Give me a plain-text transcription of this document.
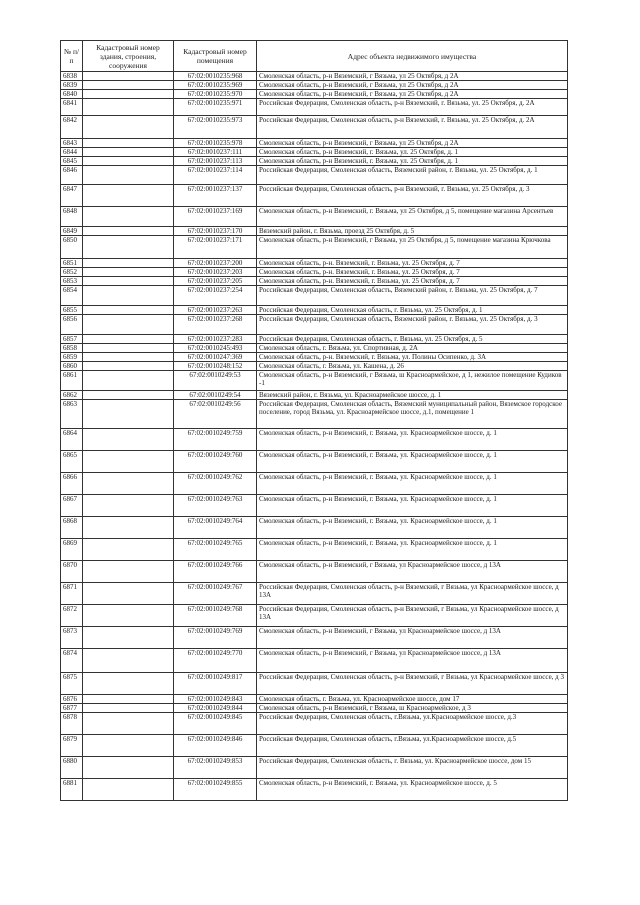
№ п/п	Кадастровый номер здания, строения, сооружения	Кадастровый номер помещения	Адрес объекта недвижимого имущества
6838		67:02:0010235:968	Смоленская область, р-н Вяземский, г Вязьма, ул 25 Октября, д 2А
6839		67:02:0010235:969	Смоленская область, р-н Вяземский, г Вязьма, ул 25 Октября, д 2А
6840		67:02:0010235:970	Смоленская область, р-н Вяземский, г Вязьма, ул 25 Октября, д 2А
6841		67:02:0010235:971	Российская Федерация, Смоленская область, р-н Вяземский, г. Вязьма, ул. 25 Октября, д. 2А
6842		67:02:0010235:973	Российская Федерация, Смоленская область, р-н Вяземский, г. Вязьма, ул. 25 Октября, д. 2А
6843		67:02:0010235:978	Смоленская область, р-н Вяземский, г Вязьма, ул 25 Октября, д 2А
6844		67:02:0010237:111	Смоленская область, р-н Вяземский, г. Вязьма, ул. 25 Октября, д. 1
6845		67:02:0010237:113	Смоленская область, р-н Вяземский, г. Вязьма, ул. 25 Октября, д. 1
6846		67:02:0010237:114	Российская Федерация, Смоленская область, Вяземский район, г. Вязьма, ул. 25 Октября, д. 1
6847		67:02:0010237:137	Российская Федерация, Смоленская область, р-н Вяземский, г. Вязьма, ул. 25 Октября, д. 3
6848		67:02:0010237:169	Смоленская область, р-н Вяземский, г. Вязьма, ул 25 Октября, д 5, помещение магазина Арсентьев
6849		67:02:0010237:170	Вяземский район, г. Вязьма, проезд 25 Октября, д. 5
6850		67:02:0010237:171	Смоленская область, р-н Вяземский, г Вязьма, ул 25 Октября, д 5, помещение магазина Крючкова
6851		67:02:0010237:200	Смоленская область, р-н. Вяземский, г. Вязьма, ул. 25 Октября, д. 7
6852		67:02:0010237:203	Смоленская область, р-н. Вяземский, г. Вязьма, ул. 25 Октября, д. 7
6853		67:02:0010237:205	Смоленская область, р-н. Вяземский, г. Вязьма, ул. 25 Октября, д. 7
6854		67:02:0010237:254	Российская Федерация, Смоленская область, Вяземский район, г. Вязьма, ул. 25 Октября, д. 7
6855		67:02:0010237:263	Российская Федерация, Смоленская область, г. Вязьма, ул. 25 Октября, д. 1
6856		67:02:0010237:268	Российская Федерация, Смоленская область, Вяземский район, г. Вязьма, ул. 25 Октября, д. 3
6857		67:02:0010237:283	Российская Федерация, Смоленская область, г. Вязьма, ул. 25 Октября, д. 5
6858		67:02:0010245:493	Смоленская область, г. Вязьма, ул. Спортивная, д. 2А
6859		67:02:0010247:369	Смоленская область, р-н. Вяземский, г. Вязьма, ул. Полины Осипенко, д. 3А
6860		67:02:0010248:152	Смоленская область, г. Вязьма, ул. Кашена, д. 26
6861		67:02:0010249:53	Смоленская область, р-н Вяземский, г Вязьма, ш Красноармейское, д 1, нежилое помещение Кудиков -1
6862		67:02:0010249:54	Вяземский район, г. Вязьма, ул. Красноармейское шоссе, д. 1
6863		67:02:0010249:56	Российская Федерация, Смоленская область, Вяземский муниципальный район, Вяземское городское поселение, город Вязьма, ул. Красноармейское шоссе, д.1, помещение 1
6864		67:02:0010249:759	Смоленская область, р-н Вяземский, г. Вязьма, ул. Красноармейское шоссе, д. 1
6865		67:02:0010249:760	Смоленская область, р-н Вяземский, г. Вязьма, ул. Красноармейское шоссе, д. 1
6866		67:02:0010249:762	Смоленская область, р-н Вяземский, г. Вязьма, ул. Красноармейское шоссе, д. 1
6867		67:02:0010249:763	Смоленская область, р-н Вяземский, г. Вязьма, ул. Красноармейское шоссе, д. 1
6868		67:02:0010249:764	Смоленская область, р-н Вяземский, г. Вязьма, ул. Красноармейское шоссе, д. 1
6869		67:02:0010249:765	Смоленская область, р-н Вяземский, г. Вязьма, ул. Красноармейское шоссе, д. 1
6870		67:02:0010249:766	Смоленская область, р-н Вяземский, г Вязьма, ул Красноармейское шоссе, д 13А
6871		67:02:0010249:767	Российская Федерация, Смоленская область, р-н Вяземский, г Вязьма, ул Красноармейское шоссе, д 13А
6872		67:02:0010249:768	Российская Федерация, Смоленская область, р-н Вяземский, г Вязьма, ул Красноармейское шоссе, д 13А
6873		67:02:0010249:769	Смоленская область, р-н Вяземский, г Вязьма, ул Красноармейское шоссе, д 13А
6874		67:02:0010249:770	Смоленская область, р-н Вяземский, г Вязьма, ул Красноармейское шоссе, д 13А
6875		67:02:0010249:817	Российская Федерация, Смоленская область, р-н Вяземский, г Вязьма, ул Красноармейское шоссе, д 3
6876		67:02:0010249:843	Смоленская область, г. Вязьма, ул. Красноармейское шоссе, дом 17
6877		67:02:0010249:844	Смоленская область, р-н Вяземский, г Вязьма, ш Красноармейское, д 3
6878		67:02:0010249:845	Российская Федерация, Смоленская область, г.Вязьма, ул.Красноармейское шоссе, д.3
6879		67:02:0010249:846	Российская Федерация, Смоленская область, г.Вязьма, ул.Красноармейское шоссе, д.5
6880		67:02:0010249:853	Российская Федерация, Смоленская область, г. Вязьма, ул. Красноармейское шоссе, дом 15
6881		67:02:0010249:855	Смоленская область, р-н Вяземский, г. Вязьма, ул. Красноармейское шоссе, д. 5
